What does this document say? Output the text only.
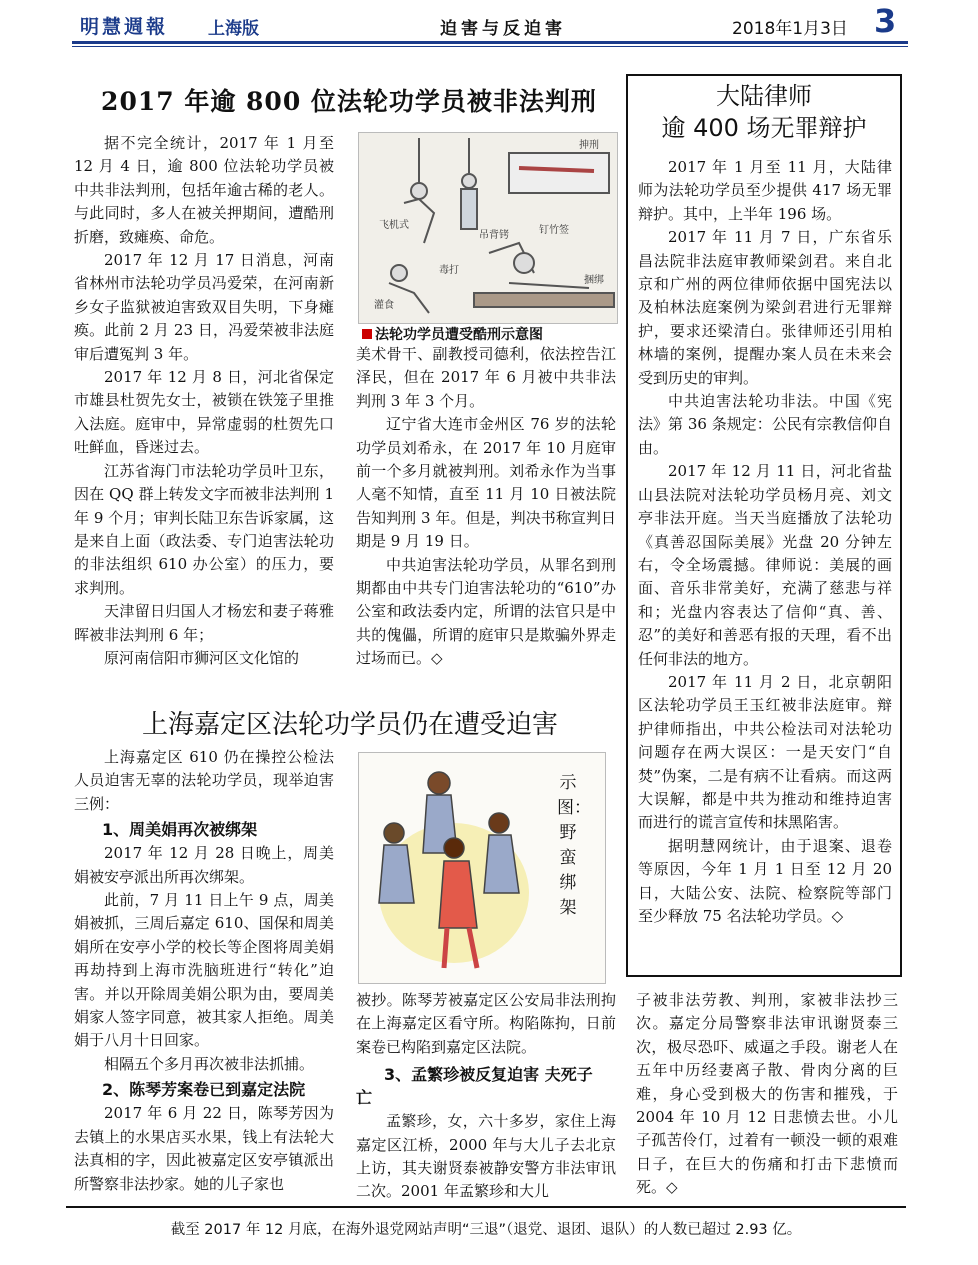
明慧週報 上海版	迫害与反迫害	2018年1月3日 3
2017 年逾 800 位法轮功学员被非法判刑

据不完全统计，2017 年 1 月至 12 月 4 日，逾 800 位法轮功学员被中共非法判刑，包括年逾古稀的老人。与此同时，多人在被关押期间，遭酷刑折磨，致瘫痪、命危。

2017 年 12 月 17 日消息，河南省林州市法轮功学员冯爱荣，在河南新乡女子监狱被迫害致双目失明，下身瘫痪。此前 2 月 23 日，冯爱荣被非法庭审后遭冤判 3 年。

2017 年 12 月 8 日，河北省保定市雄县杜贺先女士，被锁在铁笼子里推入法庭。庭审中，异常虚弱的杜贺先口吐鲜血，昏迷过去。

江苏省海门市法轮功学员叶卫东，因在 QQ 群上转发文字而被非法判刑 1 年 9 个月；审判长陆卫东告诉家属，这是来自上面（政法委、专门迫害法轮功的非法组织 610 办公室）的压力，要求判刑。

天津留日归国人才杨宏和妻子蒋雅晖被非法判刑 6 年；

原河南信阳市狮河区文化馆的

飞机式
吊背铐
灌食
抻刑
钉竹签
毒打
捆绑
法轮功学员遭受酷刑示意图

美术骨干、副教授司德利，依法控告江泽民，但在 2017 年 6 月被中共非法判刑 3 年 3 个月。

辽宁省大连市金州区 76 岁的法轮功学员刘希永，在 2017 年 10 月庭审前一个多月就被判刑。刘希永作为当事人毫不知情，直至 11 月 10 日被法院告知判刑 3 年。但是，判决书称宣判日期是 9 月 19 日。

中共迫害法轮功学员，从罪名到刑期都由中共专门迫害法轮功的“610”办公室和政法委内定，所谓的法官只是中共的傀儡，所谓的庭审只是欺骗外界走过场而已。◇

大陆律师
逾 400 场无罪辩护

2017 年 1 月至 11 月，大陆律师为法轮功学员至少提供 417 场无罪辩护。其中，上半年 196 场。

2017 年 11 月 7 日，广东省乐昌法院非法庭审教师梁剑君。来自北京和广州的两位律师依据中国宪法以及柏林法庭案例为梁剑君进行无罪辩护，要求还梁清白。张律师还引用柏林墙的案例，提醒办案人员在未来会受到历史的审判。

中共迫害法轮功非法。中国《宪法》第 36 条规定：公民有宗教信仰自由。

2017 年 12 月 11 日，河北省盐山县法院对法轮功学员杨月亮、刘文亭非法开庭。当天当庭播放了法轮功《真善忍国际美展》光盘 20 分钟左右，令全场震撼。律师说：美展的画面、音乐非常美好，充满了慈悲与祥和；光盘内容表达了信仰“真、善、忍”的美好和善恶有报的天理，看不出任何非法的地方。

2017 年 11 月 2 日，北京朝阳区法轮功学员王玉红被非法庭审。辩护律师指出，中共公检法司对法轮功问题存在两大误区：一是天安门“自焚”伪案，二是有病不让看病。而这两大误解，都是中共为推动和维持迫害而进行的谎言宣传和抹黑陷害。

据明慧网统计，由于退案、退卷等原因，今年 1 月 1 日至 12 月 20 日，大陆公安、法院、检察院等部门至少释放 75 名法轮功学员。◇

上海嘉定区法轮功学员仍在遭受迫害

上海嘉定区 610 仍在操控公检法人员迫害无辜的法轮功学员，现举迫害三例：

1、周美娟再次被绑架

2017 年 12 月 28 日晚上，周美娟被安亭派出所再次绑架。

此前，7 月 11 日上午 9 点，周美娟被抓，三周后嘉定 610、国保和周美娟所在安亭小学的校长等企图将周美娟再劫持到上海市洗脑班进行“转化”迫害。并以开除周美娟公职为由，要周美娟家人签字同意，被其家人拒绝。周美娟于八月十日回家。

相隔五个多月再次被非法抓捕。

2、陈琴芳案卷已到嘉定法院

2017 年 6 月 22 日，陈琴芳因为去镇上的水果店买水果，钱上有法轮大法真相的字，因此被嘉定区安亭镇派出所警察非法抄家。她的儿子家也

示图：野蛮绑架

被抄。陈琴芳被嘉定区公安局非法刑拘在上海嘉定区看守所。构陷陈拘，日前案卷已构陷到嘉定区法院。

3、孟繁珍被反复迫害 夫死子
亡

孟繁珍，女，六十多岁，家住上海嘉定区江桥，2000 年与大儿子去北京上访，其夫谢贤泰被静安警方非法审讯二次。2001 年孟繁珍和大儿

子被非法劳教、判刑，家被非法抄三次。嘉定分局警察非法审讯谢贤泰三次，极尽恐吓、威逼之手段。谢老人在五年中历经妻离子散、骨肉分离的巨难，身心受到极大的伤害和摧残，于 2004 年 10 月 12 日悲愤去世。小儿子孤苦伶仃，过着有一顿没一顿的艰难日子，在巨大的伤痛和打击下悲愤而死。◇

截至 2017 年 12 月底，在海外退党网站声明“三退”（退党、退团、退队）的人数已超过 2.93 亿。
